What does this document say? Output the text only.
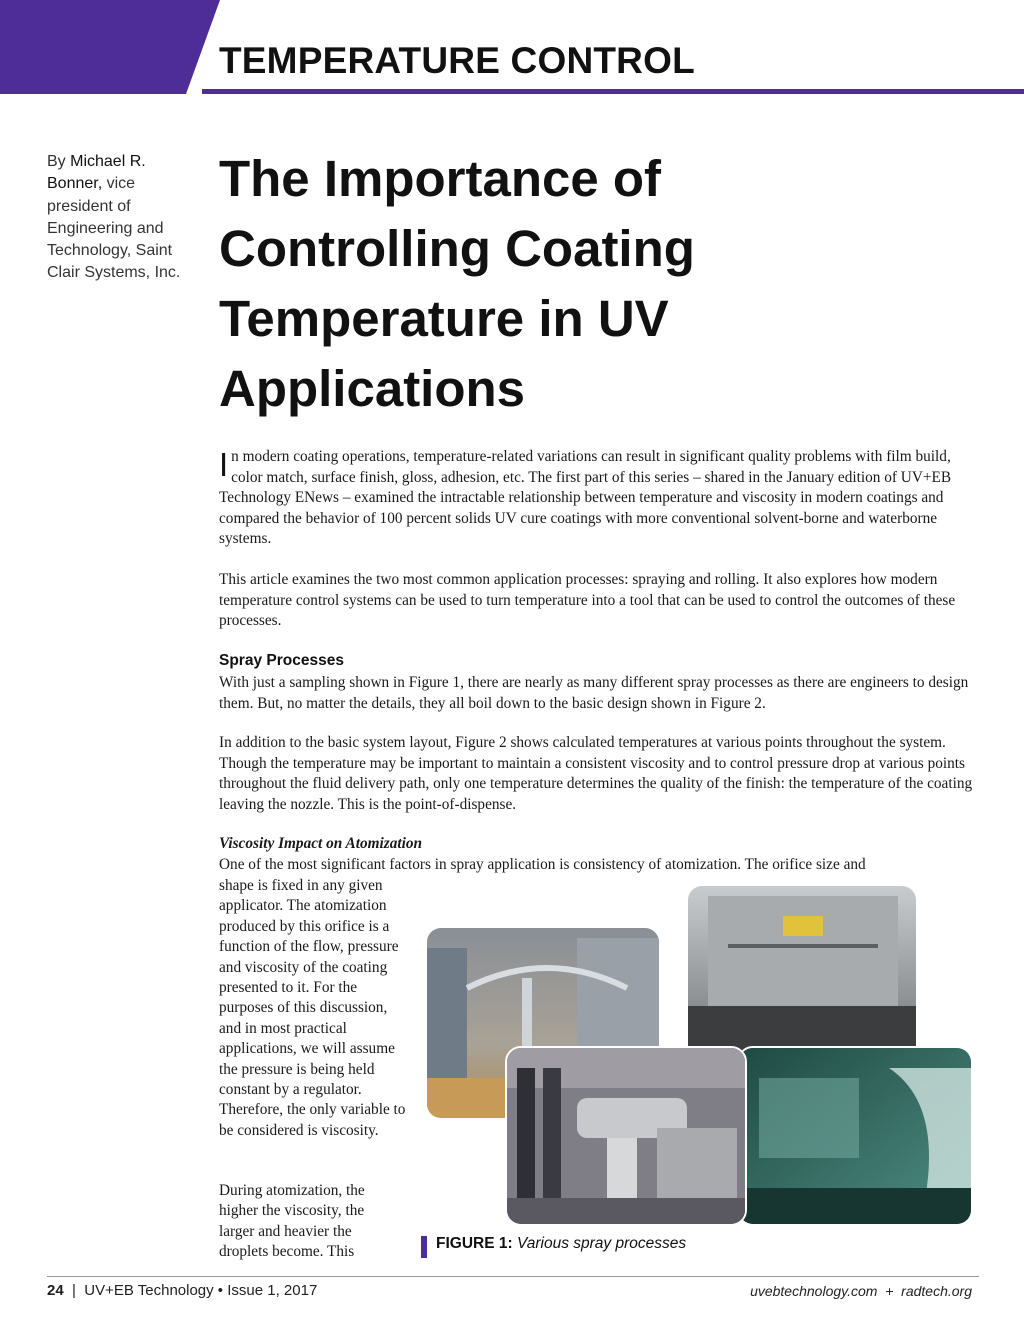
TEMPERATURE CONTROL
By Michael R. Bonner, vice president of Engineering and Technology, Saint Clair Systems, Inc.
The Importance of Controlling Coating Temperature in UV Applications
In modern coating operations, temperature-related variations can result in significant quality problems with film build, color match, surface finish, gloss, adhesion, etc. The first part of this series – shared in the January edition of UV+EB Technology ENews – examined the intractable relationship between temperature and viscosity in modern coatings and compared the behavior of 100 percent solids UV cure coatings with more conventional solvent-borne and waterborne systems.
This article examines the two most common application processes: spraying and rolling. It also explores how modern temperature control systems can be used to turn temperature into a tool that can be used to control the outcomes of these processes.
Spray Processes
With just a sampling shown in Figure 1, there are nearly as many different spray processes as there are engineers to design them. But, no matter the details, they all boil down to the basic design shown in Figure 2.
In addition to the basic system layout, Figure 2 shows calculated temperatures at various points throughout the system. Though the temperature may be important to maintain a consistent viscosity and to control pressure drop at various points throughout the fluid delivery path, only one temperature determines the quality of the finish: the temperature of the coating leaving the nozzle. This is the point-of-dispense.
Viscosity Impact on Atomization
One of the most significant factors in spray application is consistency of atomization. The orifice size and
shape is fixed in any given applicator. The atomization produced by this orifice is a function of the flow, pressure and viscosity of the coating presented to it. For the purposes of this discussion, and in most practical applications, we will assume the pressure is being held constant by a regulator. Therefore, the only variable to be considered is viscosity.
During atomization, the higher the viscosity, the larger and heavier the droplets become. This	FIGURE 1: Various spray processes
24  |  UV+EB Technology • Issue 1, 2017	uvebtechnology.com  +  radtech.org
